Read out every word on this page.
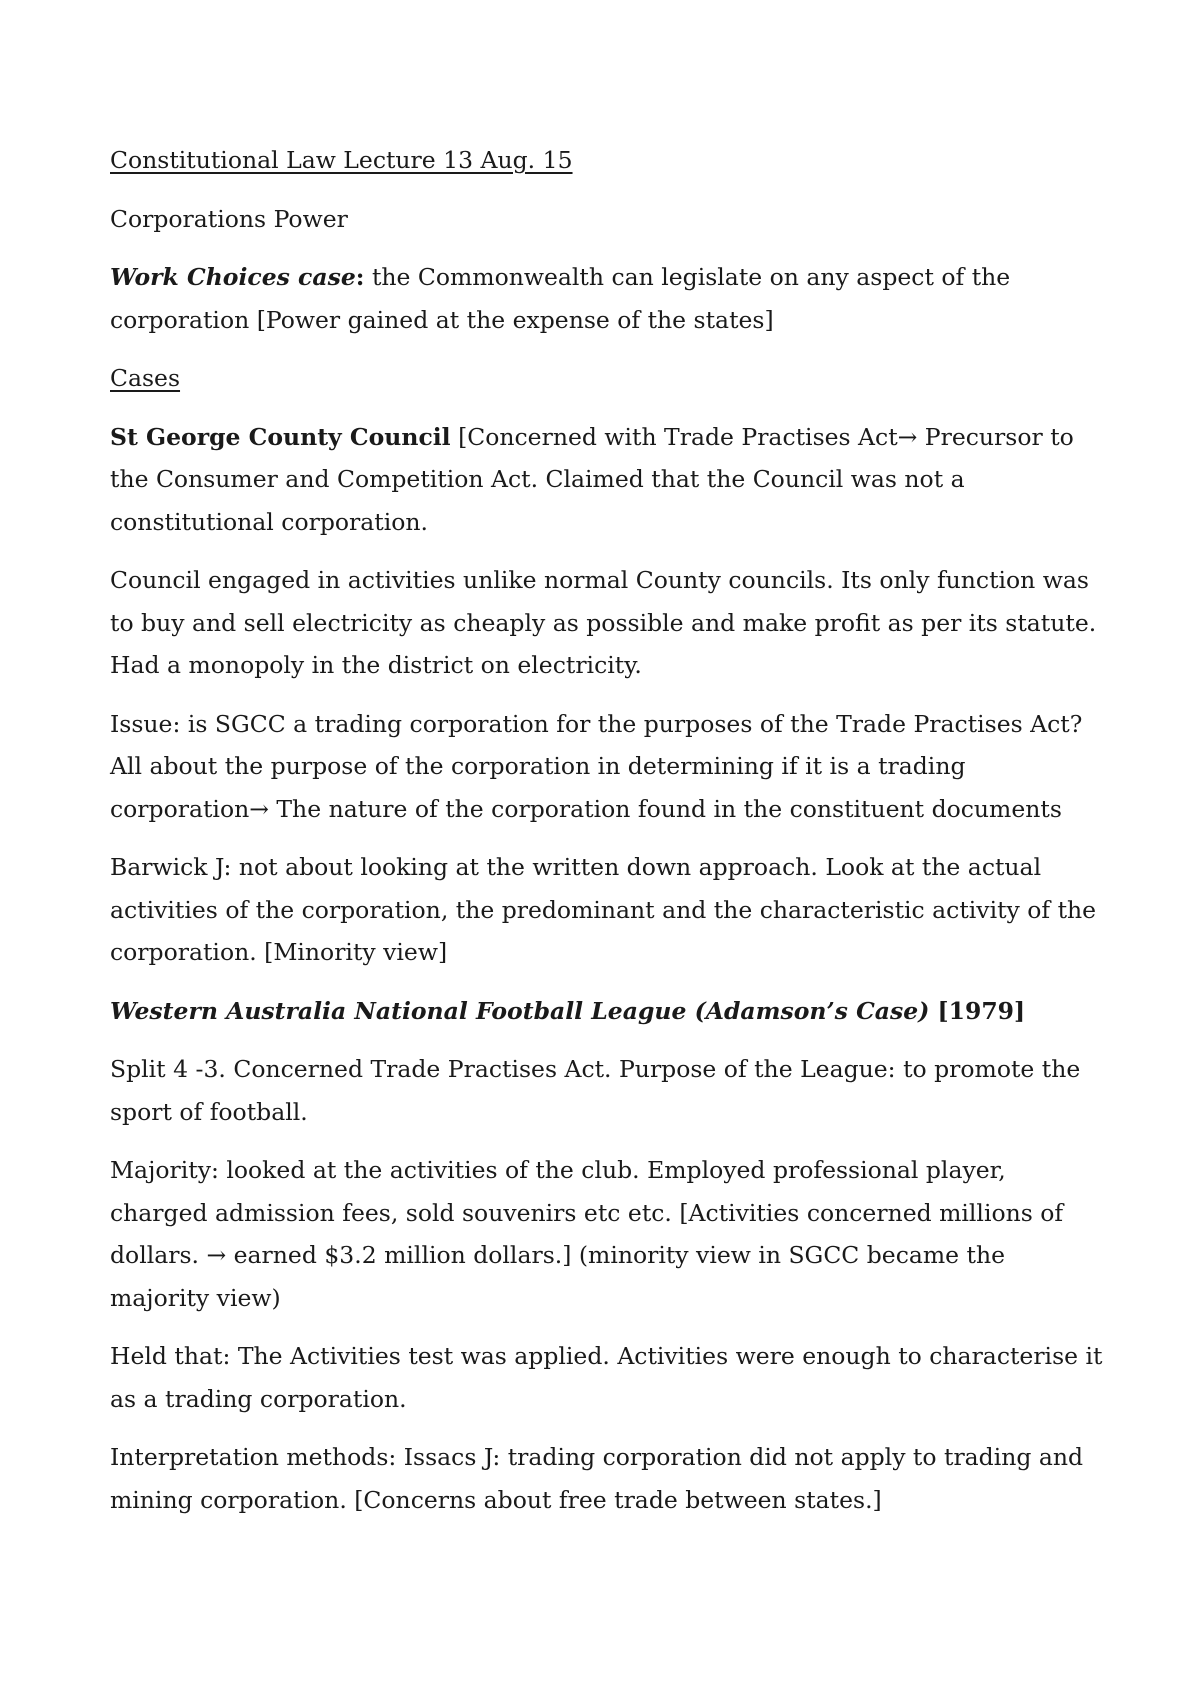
Constitutional Law Lecture 13 Aug. 15

Corporations Power

Work Choices case: the Commonwealth can legislate on any aspect of the corporation [Power gained at the expense of the states]

Cases

St George County Council [Concerned with Trade Practises Act→ Precursor to the Consumer and Competition Act. Claimed that the Council was not a constitutional corporation.

Council engaged in activities unlike normal County councils. Its only function was to buy and sell electricity as cheaply as possible and make profit as per its statute. Had a monopoly in the district on electricity.

Issue: is SGCC a trading corporation for the purposes of the Trade Practises Act? All about the purpose of the corporation in determining if it is a trading corporation→ The nature of the corporation found in the constituent documents

Barwick J: not about looking at the written down approach. Look at the actual activities of the corporation, the predominant and the characteristic activity of the corporation. [Minority view]

Western Australia National Football League (Adamson’s Case) [1979]

Split 4 -3. Concerned Trade Practises Act. Purpose of the League: to promote the sport of football.

Majority: looked at the activities of the club. Employed professional player, charged admission fees, sold souvenirs etc etc. [Activities concerned millions of dollars. → earned $3.2 million dollars.] (minority view in SGCC became the majority view)

Held that: The Activities test was applied. Activities were enough to characterise it as a trading corporation.

Interpretation methods: Issacs J: trading corporation did not apply to trading and mining corporation. [Concerns about free trade between states.]
